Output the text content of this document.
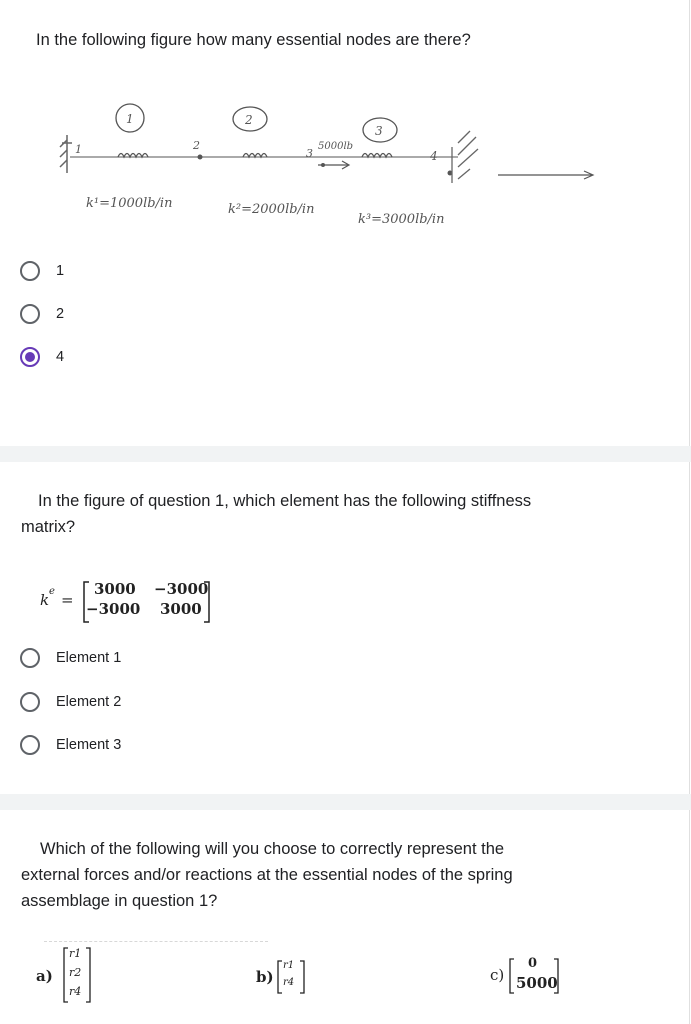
In the following figure how many essential nodes are there?
1
1
2
2
3
5000lb
3
4
k¹=1000lb/in	k²=2000lb/in
k³=3000lb/in
1
2
4
In the figure of question 1, which element has the following stiffness
matrix?
k e =
3000 −3000
−3000 3000
Element 1
Element 2
Element 3
Which of the following will you choose to correctly represent the
external forces and/or reactions at the essential nodes of the spring
assemblage in question 1?
a)
r1
r2
r4
b)
r1
r4	c)
0
5000
